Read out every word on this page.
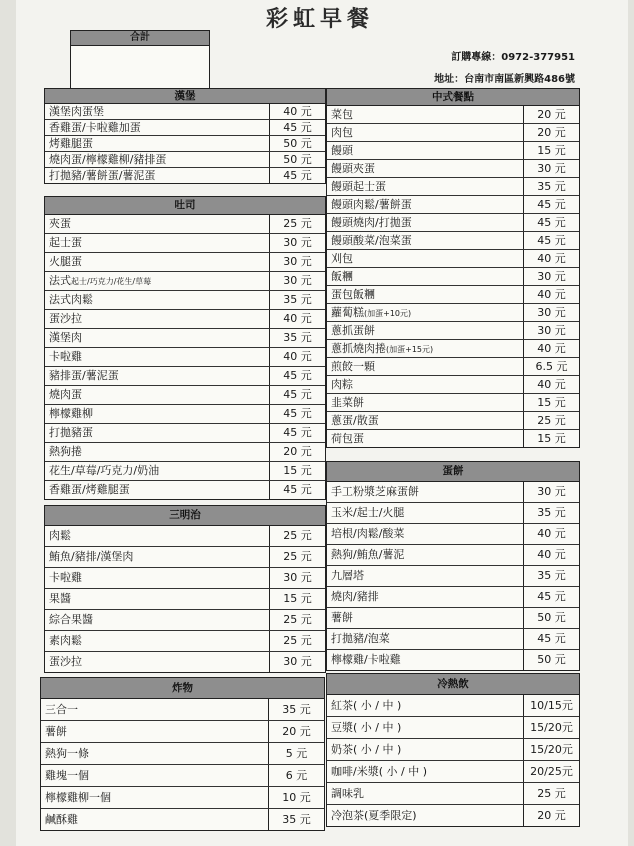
彩虹早餐
合計
訂購專線：0972-377951
地址：台南市南區新興路486號
漢堡
漢堡肉蛋堡	40 元
香雞蛋/卡啦雞加蛋	45 元
烤雞腿蛋	50 元
燒肉蛋/檸檬雞柳/豬排蛋	50 元
打拋豬/薯餅蛋/薯泥蛋	45 元
吐司
夾蛋	25 元
起士蛋	30 元
火腿蛋	30 元
法式起士/巧克力/花生/草莓	30 元
法式肉鬆	35 元
蛋沙拉	40 元
漢堡肉	35 元
卡啦雞	40 元
豬排蛋/薯泥蛋	45 元
燒肉蛋	45 元
檸檬雞柳	45 元
打拋豬蛋	45 元
熱狗捲	20 元
花生/草莓/巧克力/奶油	15 元
香雞蛋/烤雞腿蛋	45 元
三明治
肉鬆	25 元
鮪魚/豬排/漢堡肉	25 元
卡啦雞	30 元
果醬	15 元
綜合果醬	25 元
素肉鬆	25 元
蛋沙拉	30 元
炸物
三合一	35 元
薯餅	20 元
熱狗一條	5 元
雞塊一個	6 元
檸檬雞柳一個	10 元
鹹酥雞	35 元
中式餐點
菜包	20 元
肉包	20 元
饅頭	15 元
饅頭夾蛋	30 元
饅頭起士蛋	35 元
饅頭肉鬆/薯餅蛋	45 元
饅頭燒肉/打拋蛋	45 元
饅頭酸菜/泡菜蛋	45 元
刈包	40 元
飯糰	30 元
蛋包飯糰	40 元
蘿蔔糕(加蛋+10元)	30 元
蔥抓蛋餅	30 元
蔥抓燒肉捲(加蛋+15元)	40 元
煎餃一顆	6.5 元
肉粽	40 元
韭菜餅	15 元
蔥蛋/散蛋	25 元
荷包蛋	15 元
蛋餅
手工粉漿芝麻蛋餅	30 元
玉米/起士/火腿	35 元
培根/肉鬆/酸菜	40 元
熱狗/鮪魚/薯泥	40 元
九層塔	35 元
燒肉/豬排	45 元
薯餅	50 元
打拋豬/泡菜	45 元
檸檬雞/卡啦雞	50 元
冷熱飲
紅茶( 小 / 中 )	10/15元
豆漿( 小 / 中 )	15/20元
奶茶( 小 / 中 )	15/20元
咖啡/米漿( 小 / 中 )	20/25元
調味乳	25 元
冷泡茶(夏季限定)	20 元
